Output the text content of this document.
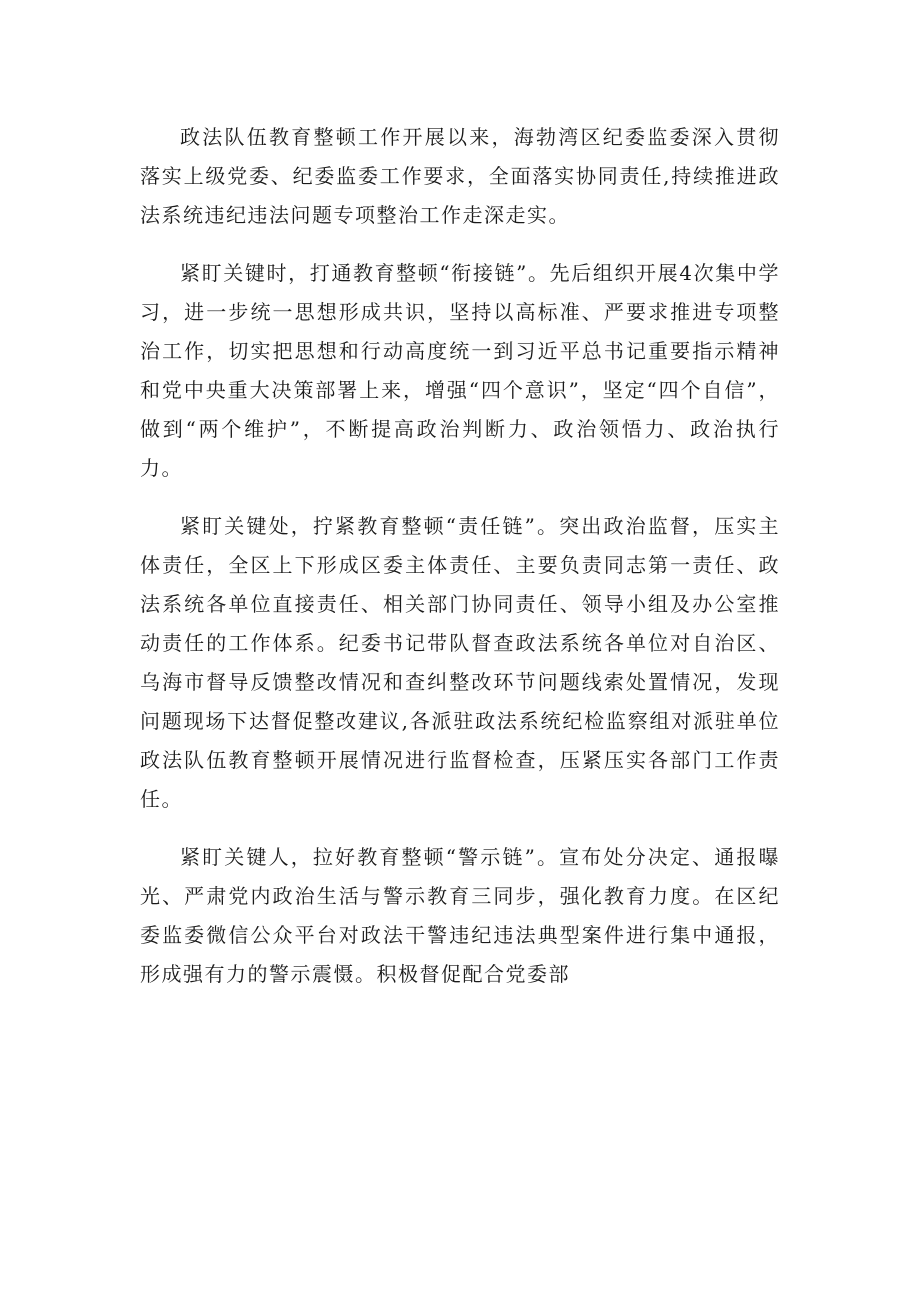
政法队伍教育整顿工作开展以来，海勃湾区纪委监委深入贯彻落实上级党委、纪委监委工作要求，全面落实协同责任,持续推进政法系统违纪违法问题专项整治工作走深走实。

紧盯关键时，打通教育整顿“衔接链”。先后组织开展4次集中学习，进一步统一思想形成共识，坚持以高标准、严要求推进专项整治工作，切实把思想和行动高度统一到习近平总书记重要指示精神和党中央重大决策部署上来，增强“四个意识”，坚定“四个自信”，做到“两个维护”，不断提高政治判断力、政治领悟力、政治执行力。

紧盯关键处，拧紧教育整顿“责任链”。突出政治监督，压实主体责任，全区上下形成区委主体责任、主要负责同志第一责任、政法系统各单位直接责任、相关部门协同责任、领导小组及办公室推动责任的工作体系。纪委书记带队督查政法系统各单位对自治区、乌海市督导反馈整改情况和查纠整改环节问题线索处置情况，发现问题现场下达督促整改建议,各派驻政法系统纪检监察组对派驻单位政法队伍教育整顿开展情况进行监督检查，压紧压实各部门工作责任。

紧盯关键人，拉好教育整顿“警示链”。宣布处分决定、通报曝光、严肃党内政治生活与警示教育三同步，强化教育力度。在区纪委监委微信公众平台对政法干警违纪违法典型案件进行集中通报，形成强有力的警示震慑。积极督促配合党委部
